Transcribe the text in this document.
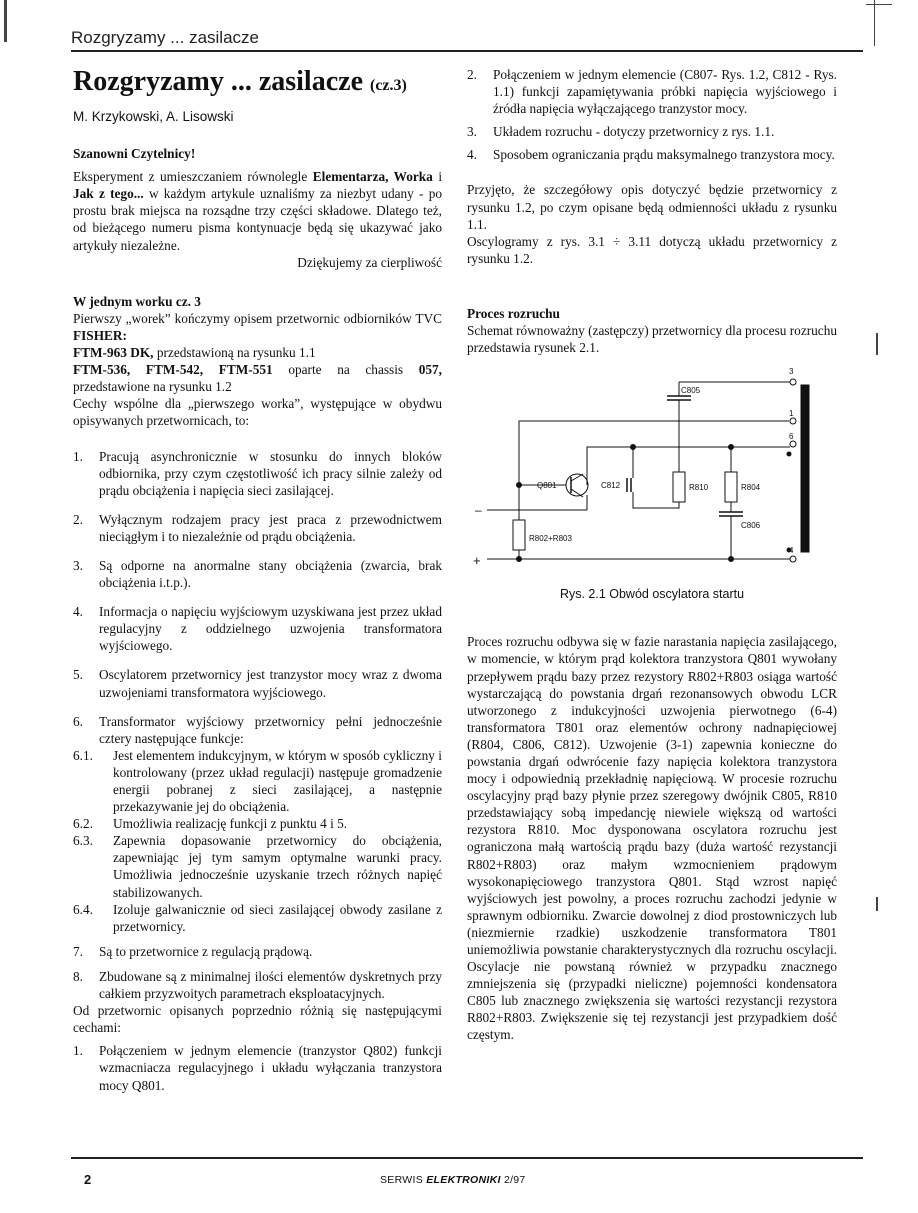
Rozgryzamy ... zasilacze
Rozgryzamy ... zasilacze (cz.3)
M. Krzykowski, A. Lisowski

Szanowni Czytelnicy!

Eksperyment z umieszczaniem równolegle Elementarza, Worka i Jak z tego... w każdym artykule uznaliśmy za niezbyt udany - po prostu brak miejsca na rozsądne trzy części składowe. Dlatego też, od bieżącego numeru pisma kontynuacje będą się ukazywać jako artykuły niezależne.

Dziękujemy za cierpliwość

W jednym worku cz. 3

Pierwszy „worek” kończymy opisem przetwornic odbiorników TVC FISHER:

FTM-963 DK, przedstawioną na rysunku 1.1

FTM-536, FTM-542, FTM-551 oparte na chassis 057, przedstawione na rysunku 1.2

Cechy wspólne dla „pierwszego worka”, występujące w obydwu opisywanych przetwornicach, to:

1. Pracują asynchronicznie w stosunku do innych bloków odbiornika, przy czym częstotliwość ich pracy silnie zależy od prądu obciążenia i napięcia sieci zasilającej.
2. Wyłącznym rodzajem pracy jest praca z przewodnictwem nieciągłym i to niezależnie od prądu obciążenia.
3. Są odporne na anormalne stany obciążenia (zwarcia, brak obciążenia i.t.p.).
4. Informacja o napięciu wyjściowym uzyskiwana jest przez układ regulacyjny z oddzielnego uzwojenia transformatora wyjściowego.
5. Oscylatorem przetwornicy jest tranzystor mocy wraz z dwoma uzwojeniami transformatora wyjściowego.
6. Transformator wyjściowy przetwornicy pełni jednocześnie cztery następujące funkcje:
6.1. Jest elementem indukcyjnym, w którym w sposób cykliczny i kontrolowany (przez układ regulacji) następuje gromadzenie energii pobranej z sieci zasilającej, a następnie przekazywanie jej do obciążenia.
6.2. Umożliwia realizację funkcji z punktu 4 i 5.
6.3. Zapewnia dopasowanie przetwornicy do obciążenia, zapewniając jej tym samym optymalne warunki pracy. Umożliwia jednocześnie uzyskanie trzech różnych napięć stabilizowanych.
6.4. Izoluje galwanicznie od sieci zasilającej obwody zasilane z przetwornicy.
7. Są to przetwornice z regulacją prądową.
8. Zbudowane są z minimalnej ilości elementów dyskretnych przy całkiem przyzwoitych parametrach eksploatacyjnych.

Od przetwornic opisanych poprzednio różnią się następującymi cechami:

1. Połączeniem w jednym elemencie (tranzystor Q802) funkcji wzmacniacza regulacyjnego i układu wyłączania tranzystora mocy Q801.
2. Połączeniem w jednym elemencie (C807- Rys. 1.2, C812 - Rys. 1.1) funkcji zapamiętywania próbki napięcia wyjściowego i źródła napięcia wyłączającego tranzystor mocy.
3. Układem rozruchu - dotyczy przetwornicy z rys. 1.1.
4. Sposobem ograniczania prądu maksymalnego tranzystora mocy.

Przyjęto, że szczegółowy opis dotyczyć będzie przetwornicy z rysunku 1.2, po czym opisane będą odmienności układu z rysunku 1.1.

Oscylogramy z rys. 3.1 ÷ 3.11 dotyczą układu przetwornicy z rysunku 1.2.

Proces rozruchu

Schemat równoważny (zastępczy) przetwornicy dla procesu rozruchu przedstawia rysunek 2.1.

C805
3
1
6
Q801	C812	R810	R804
C806
–
R802+R803
4
+

Rys. 2.1 Obwód oscylatora startu

Proces rozruchu odbywa się w fazie narastania napięcia zasilającego, w momencie, w którym prąd kolektora tranzystora Q801 wywołany przepływem prądu bazy przez rezystory R802+R803 osiąga wartość wystarczającą do powstania drgań rezonansowych obwodu LCR utworzonego z indukcyjności uzwojenia pierwotnego (6-4) transformatora T801 oraz elementów ochrony nadnapięciowej (R804, C806, C812). Uzwojenie (3-1) zapewnia konieczne do powstania drgań odwrócenie fazy napięcia kolektora tranzystora mocy i odpowiednią przekładnię napięciową. W procesie rozruchu oscylacyjny prąd bazy płynie przez szeregowy dwójnik C805, R810 przedstawiający sobą impedancję niewiele większą od wartości rezystora R810. Moc dysponowana oscylatora rozruchu jest ograniczona małą wartością prądu bazy (duża wartość rezystancji R802+R803) oraz małym wzmocnieniem prądowym wysokonapięciowego tranzystora Q801. Stąd wzrost napięć wyjściowych jest powolny, a proces rozruchu zachodzi jedynie w sprawnym odbiorniku. Zwarcie dowolnej z diod prostowniczych lub (niezmiernie rzadkie) uszkodzenie transformatora T801 uniemożliwia powstanie charakterystycznych dla rozruchu oscylacji. Oscylacje nie powstaną również w przypadku znacznego zmniejszenia się (przypadki nieliczne) pojemności kondensatora C805 lub znacznego zwiększenia się wartości rezystancji rezystora R802+R803. Zwiększenie się tej rezystancji jest przypadkiem dość częstym.

2	SERWIS ELEKTRONIKI 2/97
